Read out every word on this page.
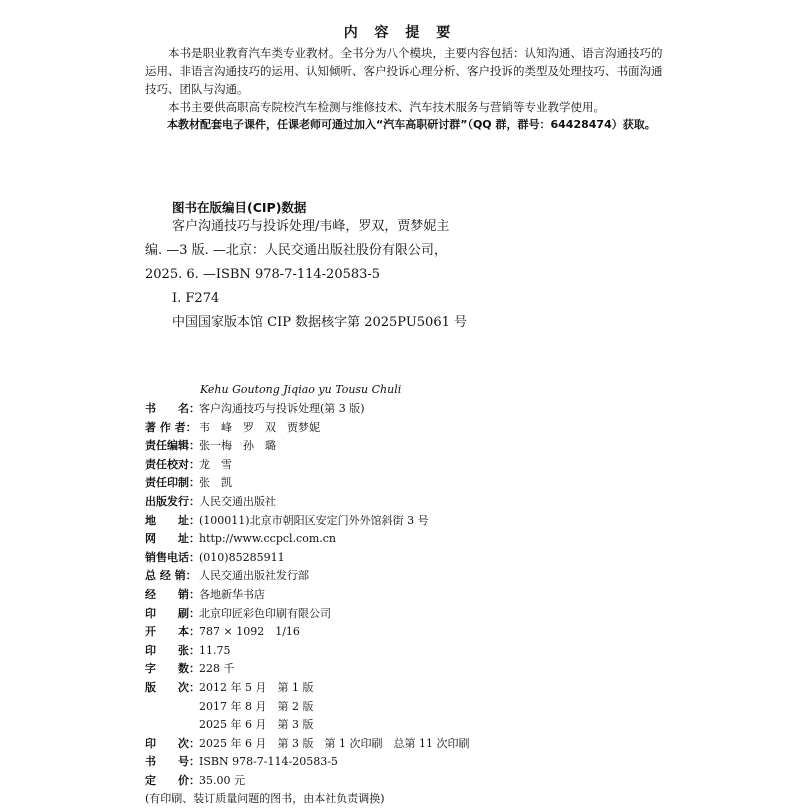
内 容 提 要

本书是职业教育汽车类专业教材。全书分为八个模块，主要内容包括：认知沟通、语言沟通技巧的运用、非语言沟通技巧的运用、认知倾听、客户投诉心理分析、客户投诉的类型及处理技巧、书面沟通技巧、团队与沟通。

本书主要供高职高专院校汽车检测与维修技术、汽车技术服务与营销等专业教学使用。

本教材配套电子课件，任课老师可通过加入“汽车高职研讨群”（QQ 群，群号：64428474）获取。

图书在版编目(CIP)数据
客户沟通技巧与投诉处理/韦峰，罗双，贾梦妮主
编. —3 版. —北京：人民交通出版社股份有限公司，
2025. 6. —ISBN 978-7-114-20583-5
Ⅰ. F274
中国国家版本馆 CIP 数据核字第 2025PU5061 号
Kehu Goutong Jiqiao yu Tousu Chuli
书　　名： 客户沟通技巧与投诉处理(第 3 版)
著 作 者： 韦　峰　罗　双　贾梦妮
责任编辑： 张一梅　孙　璐
责任校对： 龙　雪
责任印制： 张　凯
出版发行： 人民交通出版社
地　　址： (100011)北京市朝阳区安定门外外馆斜街 3 号
网　　址： http://www.ccpcl.com.cn
销售电话： (010)85285911
总 经 销： 人民交通出版社发行部
经　　销： 各地新华书店
印　　刷： 北京印匠彩色印刷有限公司
开　　本： 787 × 1092　1/16
印　　张： 11.75
字　　数： 228 千
版　　次： 2012 年 5 月　第 1 版
2017 年 8 月　第 2 版
2025 年 6 月　第 3 版
印　　次： 2025 年 6 月　第 3 版　第 1 次印刷　总第 11 次印刷
书　　号： ISBN 978-7-114-20583-5
定　　价： 35.00 元
(有印刷、装订质量问题的图书，由本社负责调换)
